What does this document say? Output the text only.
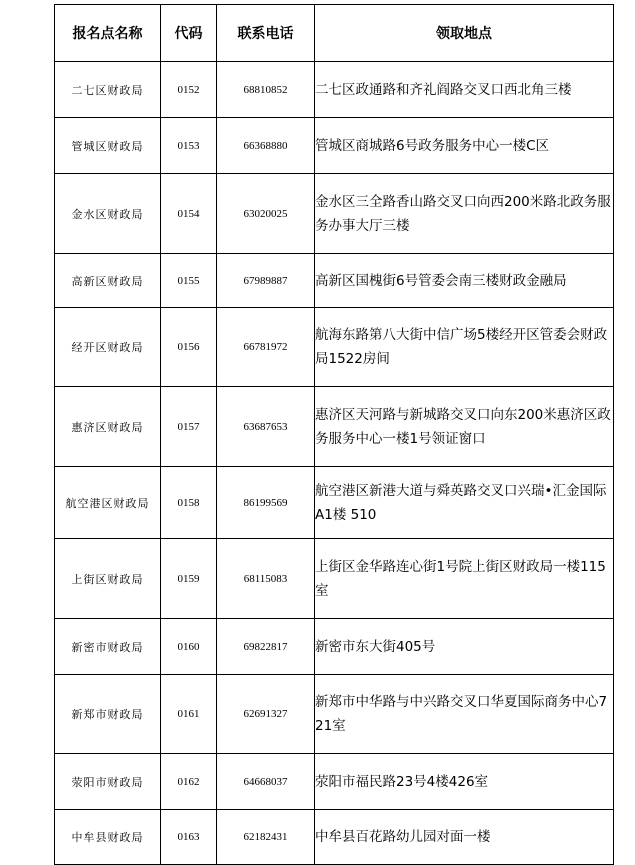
报名点名称	代码	联系电话	领取地点
二七区财政局	0152	68810852	二七区政通路和齐礼阎路交叉口西北角三楼
管城区财政局	0153	66368880	管城区商城路6号政务服务中心一楼C区
金水区财政局	0154	63020025	金水区三全路香山路交叉口向西200米路北政务服务办事大厅三楼
高新区财政局	0155	67989887	高新区国槐街6号管委会南三楼财政金融局
经开区财政局	0156	66781972	航海东路第八大街中信广场5楼经开区管委会财政局1522房间
惠济区财政局	0157	63687653	惠济区天河路与新城路交叉口向东200米惠济区政务服务中心一楼1号领证窗口
航空港区财政局	0158	86199569	航空港区新港大道与舜英路交叉口兴瑞•汇金国际A1楼 510
上街区财政局	0159	68115083	上街区金华路连心街1号院上街区财政局一楼115室
新密市财政局	0160	69822817	新密市东大街405号
新郑市财政局	0161	62691327	新郑市中华路与中兴路交叉口华夏国际商务中心721室
荥阳市财政局	0162	64668037	荥阳市福民路23号4楼426室
中牟县财政局	0163	62182431	中牟县百花路幼儿园对面一楼
